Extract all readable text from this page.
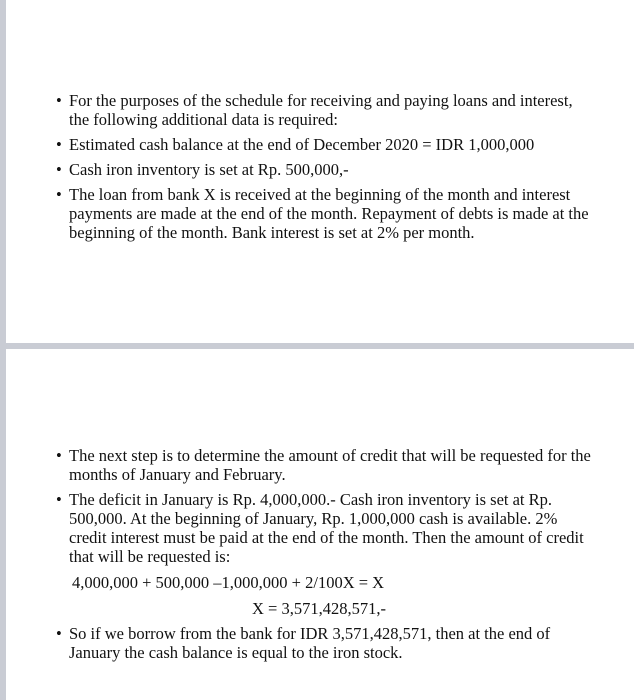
• For the purposes of the schedule for receiving and paying loans and interest, the following additional data is required:
• Estimated cash balance at the end of December 2020 = IDR 1,000,000
• Cash iron inventory is set at Rp. 500,000,-
• The loan from bank X is received at the beginning of the month and interest payments are made at the end of the month. Repayment of debts is made at the beginning of the month. Bank interest is set at 2% per month.
• The next step is to determine the amount of credit that will be requested for the months of January and February.
• The deficit in January is Rp. 4,000,000.- Cash iron inventory is set at Rp. 500,000. At the beginning of January, Rp. 1,000,000 cash is available. 2% credit interest must be paid at the end of the month. Then the amount of credit that will be requested is:
4,000,000 + 500,000 –1,000,000 + 2/100X = X
X = 3,571,428,571,-
• So if we borrow from the bank for IDR 3,571,428,571, then at the end of January the cash balance is equal to the iron stock.
